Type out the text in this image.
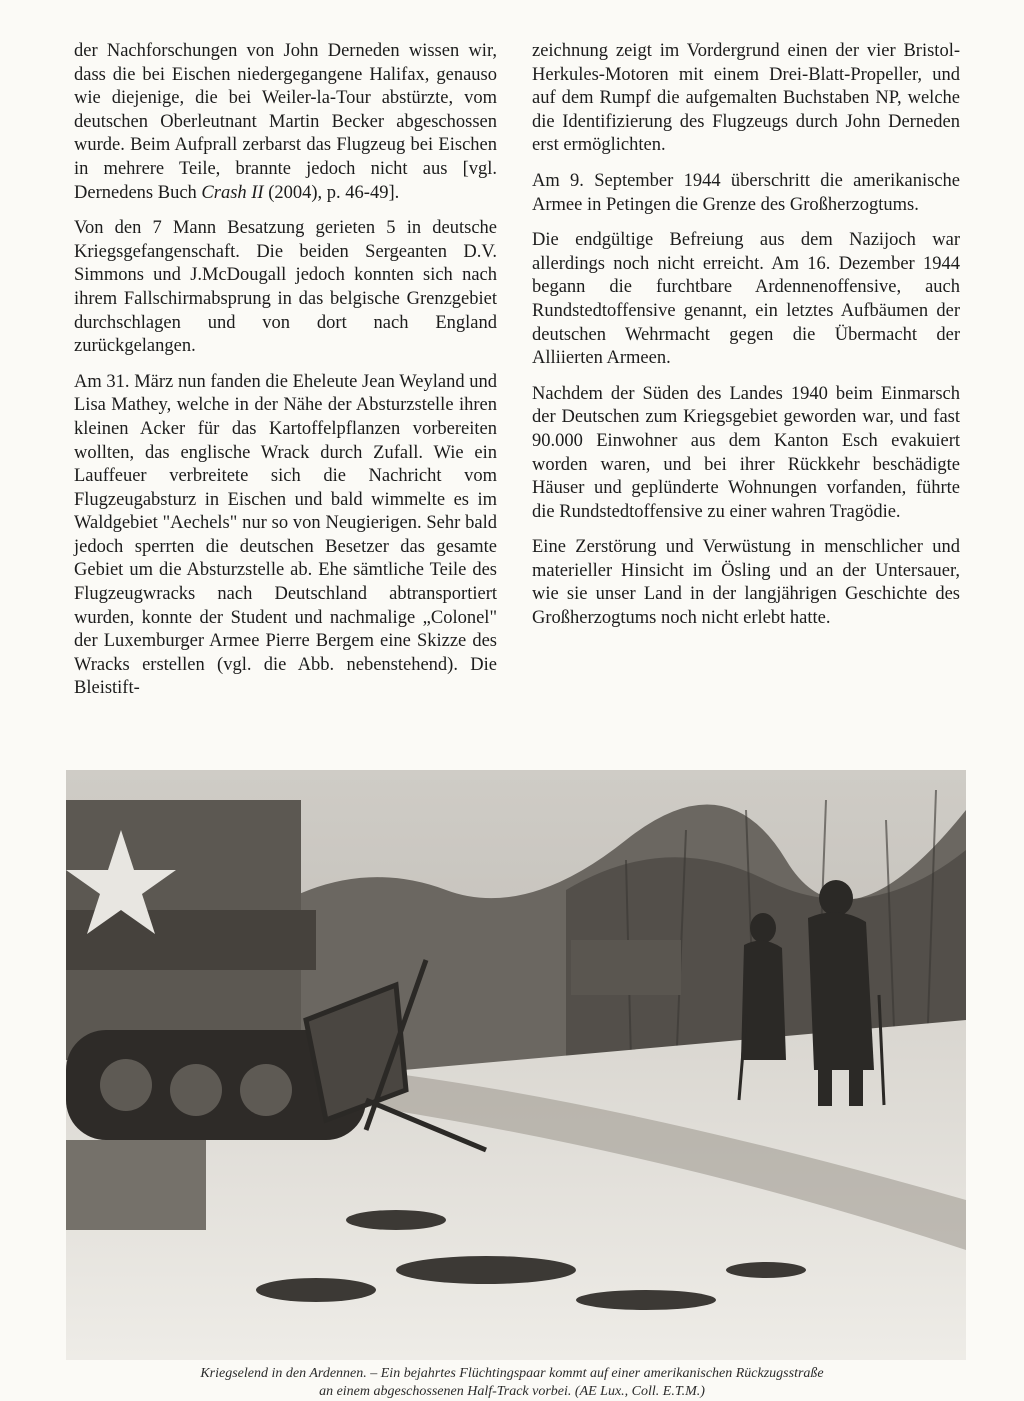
der Nachforschungen von John Derneden wissen wir, dass die bei Eischen niedergegangene Halifax, genauso wie diejenige, die bei Weiler-la-Tour abstürzte, vom deutschen Oberleutnant Martin Becker abgeschossen wurde. Beim Aufprall zerbarst das Flugzeug bei Eischen in mehrere Teile, brannte jedoch nicht aus [vgl. Dernedens Buch Crash II (2004), p. 46-49].

Von den 7 Mann Besatzung gerieten 5 in deutsche Kriegsgefangenschaft. Die beiden Sergeanten D.V. Simmons und J.McDougall jedoch konnten sich nach ihrem Fallschirmabsprung in das belgische Grenzgebiet durchschlagen und von dort nach England zurückgelangen.

Am 31. März nun fanden die Eheleute Jean Weyland und Lisa Mathey, welche in der Nähe der Absturzstelle ihren kleinen Acker für das Kartoffelpflanzen vorbereiten wollten, das englische Wrack durch Zufall. Wie ein Lauffeuer verbreitete sich die Nachricht vom Flugzeugabsturz in Eischen und bald wimmelte es im Waldgebiet "Aechels" nur so von Neugierigen. Sehr bald jedoch sperrten die deutschen Besetzer das gesamte Gebiet um die Absturzstelle ab. Ehe sämtliche Teile des Flugzeugwracks nach Deutschland abtransportiert wurden, konnte der Student und nachmalige „Colonel" der Luxemburger Armee Pierre Bergem eine Skizze des Wracks erstellen (vgl. die Abb. nebenstehend). Die Bleistift-

zeichnung zeigt im Vordergrund einen der vier Bristol-Herkules-Motoren mit einem Drei-Blatt-Propeller, und auf dem Rumpf die aufgemalten Buchstaben NP, welche die Identifizierung des Flugzeugs durch John Derneden erst ermöglichten.

Am 9. September 1944 überschritt die amerikanische Armee in Petingen die Grenze des Großherzogtums.

Die endgültige Befreiung aus dem Nazijoch war allerdings noch nicht erreicht. Am 16. Dezember 1944 begann die furchtbare Ardennenoffensive, auch Rundstedtoffensive genannt, ein letztes Aufbäumen der deutschen Wehrmacht gegen die Übermacht der Alliierten Armeen.

Nachdem der Süden des Landes 1940 beim Einmarsch der Deutschen zum Kriegsgebiet geworden war, und fast 90.000 Einwohner aus dem Kanton Esch evakuiert worden waren, und bei ihrer Rückkehr beschädigte Häuser und geplünderte Wohnungen vorfanden, führte die Rundstedtoffensive zu einer wahren Tragödie.

Eine Zerstörung und Verwüstung in menschlicher und materieller Hinsicht im Ösling und an der Untersauer, wie sie unser Land in der langjährigen Geschichte des Großherzogtums noch nicht erlebt hatte.

Kriegselend in den Ardennen. – Ein bejahrtes Flüchtingspaar kommt auf einer amerikanischen Rückzugsstraße
an einem abgeschossenen Half-Track vorbei. (AE Lux., Coll. E.T.M.)
